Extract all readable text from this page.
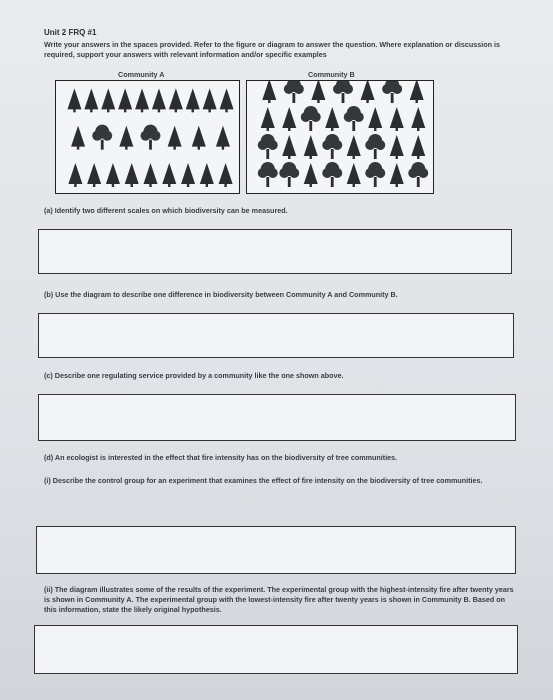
Unit 2 FRQ #1
Write your answers in the spaces provided. Refer to the figure or diagram to answer the question. Where explanation or discussion is required, support your answers with relevant information and/or specific examples
Community A	Community B
(a) Identify two different scales on which biodiversity can be measured.
(b) Use the diagram to describe one difference in biodiversity between Community A and Community B.
(c) Describe one regulating service provided by a community like the one shown above.
(d) An ecologist is interested in the effect that fire intensity has on the biodiversity of tree communities.
(i) Describe the control group for an experiment that examines the effect of fire intensity on the biodiversity of tree communities.
(ii) The diagram illustrates some of the results of the experiment. The experimental group with the highest-intensity fire after twenty years is shown in Community A. The experimental group with the lowest-intensity fire after twenty years is shown in Community B. Based on this information, state the likely original hypothesis.
